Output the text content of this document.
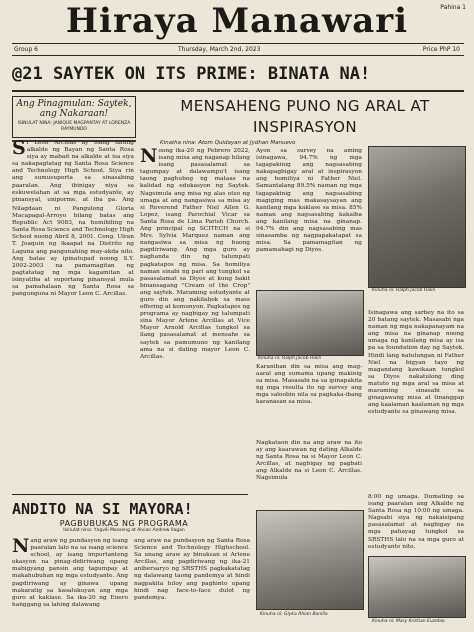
Hiraya Manawari	Pahina 1
Group 6	Thursday, March 2nd, 2023	Price PhP 10
@21 SAYTEK ON ITS PRIME: BINATA NA!
Ang Pinagmulan: Saytek, ang Nakaraan!
ISINULAT NINA: JANIQUE MAGPANTAY AT LORENZA RAYMUNDO
MENSAHENG PUNO NG ARAL AT INSPIRASYON
Kinatha nina: Atom Quidayan at Jydhan Manuevo
Si Leon Arcillas ay isang dating alkalde ng Bayan ng Santa Rosa siya ay mabait na alkalde at isa siya sa nakapagtatag ng Santa Rosa Science and Technology High School. Siya rin ang sumusuporta sa sinasabing paaralan. Ang ibinigay niya sa eskuwelahan at sa mga estudyante, ay pinansyal, uniporme, at iba pa. Ang
Nilagdaan ni Pangulong Gloria Macapagal-Arroyo bilang batas ang Republic Act 9083, na humihiling na Santa Rosa Science and Technology High School noong Abril 8, 2001. Cong. Ulran T. Joaquin ng ikaapat na Distrito ng Laguna ang pangunahing may-akda nito. Ang batas ay ipinatupad noong S.Y. 2002-2003 na pamamagitan ng pagtatatag ng mga kagamitan at isinyatiba at suportang pinansyal mula sa pamahalaan ng Santa Rosa sa pangunguna ni Mayor Leon C. Arcillas.
Noong ika-20 ng Pebrero 2022, isang misa ang naganap bilang isang pasasalamat sa tagumpay at dalawampu't isang taong paghubog ng mataas na kalidad ng edukasyon ng Saytek. Nagsimula ang misa ng alas otso ng umaga at ang nangasiwa sa misa ay si Reverend Father Niel Allen G. Lopez, isang Parochial Vicar sa Santa Rosa de Lima Parish Church. Ang principal ng SCITECH na si Mrs. Sylvia Marquez naman ang nangasiwa sa misa ng buong pagdiriwang. Ang mga guro ay naghanda din ng talumpati pagkatapos ng misa. Sa homiliya naman sinabi ng pari ang tungkol sa pasasalamat sa Diyos at kung bakit binansagang "Cream of the Crop" ang saytek. Maraming estudyante at guro din ang nakilahok sa mass offering at komunyon. Pagkatapos ng programa ay nagbigay ng talumpati sina Mayor Arlene Arcillas at Vice Mayor Arnold Arcillas tungkol sa ilang pasasalamat at mensahe sa saytek sa pamumuno ng kanilang ama na si dating mayor Leon C. Arcillas.
Ayon sa survey na aming isinagawa, 94.7% ng mga tagapakinig ang nagsasabing nakapagbigay aral at inspirasyon ang homiliya ni Father Niel. Samantalang 89.5% naman ng mga tagapakinig ang nagsasabing magiging mas makasaysayan ang kanilang mga kaklase sa misa. 85% naman ang nagsasabing kakaiba ang kanilang misa na ginanap. 94.7% din ang nagsasabing mas sinasamba ng nagpapakatapat sa misa. Sa pamamagitan ng pamamahagi ng Diyos.
Kinuha ni: Ralph Jacob Halili
Karanihan din sa misa ang mag-aaral ang sumama upang makinig sa misa. Masasabi na sa ipinapakita ng mga resulta ito ng survey ang mga saloobin nila sa pagkaka-ibang karanasan sa misa.
Nagkataon din na ang araw na ito ay ang kaarawan ng dating Alkalde ng Santa Rosa na si Mayor Leon C. Arcillas, at nagbigay ng pagbati ang Alkalde na si Leon C. Arcillas. Nagsimula
Kinuha ni: Ralph Jacob Halili
Isinagawa ang sarbey na ito sa 20 batang saytek. Masasabi nga naman ng mga nakapanayam na ang misa na ginanap noong umaga ng kanilang misa ay isa pa sa foundation day ng Saytek. Hindi lang natulungan ni Father Niel na bigyan tayo ng magandang kawikaan tungkol sa Diyos nakatulong ding matuto ng mga aral sa misa at maraming sinasabi sa ginagawang misa at tinanggap ang kaalaman kaalaman ng mga estudyante sa ginawang misa.
8:00 ng umaga. Dumating sa isang paaralan ang Alkalde ng Santa Rosa ng 10:00 ng umaga. Nagsabi siya ng nakaisipang pasasalamat at nagbigay na mga pahayag tungkol sa SRSTHS lalo na sa mga guro at estudyante nito.
Kinuha ni: Mary Kristian Euzebio
ANDITO NA SI MAYORA!
PAGBUBUKAS NG PROGRAMA
Isinulat nina: Yngvili Mosseng at Alvian Andrew Ilagan
Nang araw ng pundasyon ng isang paaralan lalo na sa isang science school, ay isang importanteng okasyon na pinag-didiriwang upang mabigyang pansin ang tagumpay at makahubuhan ng mga estudyante. Ang pagdiriwang ay ginawa upang makaratig sa kasalukuyan ang mga guro at kaklase. Sa ika-20 ng Enero hanggang sa lahing dalawang
ang araw na pundasyon ng Santa Rosa Science and Technology Highschool. Sa unang araw ay binuksan si Arlene Arcillas, ang pagdiriwang ng ika-21 anibersaryo ng SRSTHS pagkakatatag ng dalawang taong pandemya at hindi nagpakita tuloy ang paghinto upang hindi nag face-to-face dulot ng pandemya.
Kinuha ni: Glyka Rhian Bonilla
